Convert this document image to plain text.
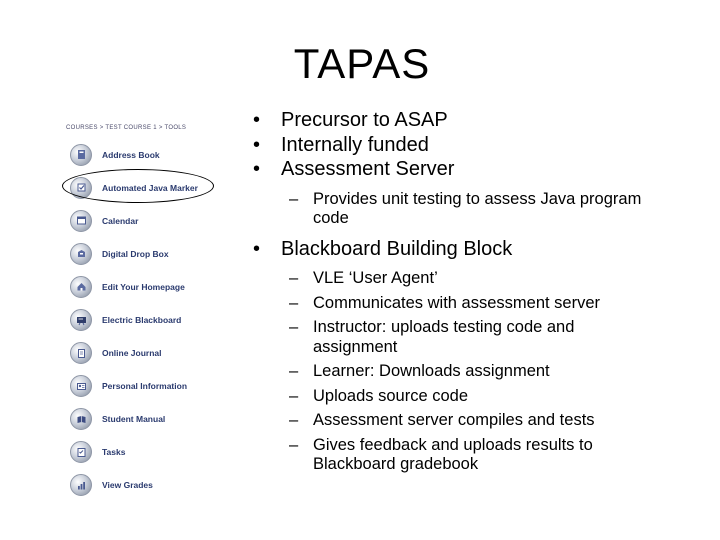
TAPAS
COURSES > TEST COURSE 1 > TOOLS
Address Book
Automated Java Marker
Calendar
Digital Drop Box
Edit Your Homepage
Electric Blackboard
Online Journal
Personal Information
Student Manual
Tasks
View Grades
•	Precursor to ASAP
•	Internally funded
•	Assessment Server
– Provides unit testing to assess Java program code
•	Blackboard Building Block
– VLE ‘User Agent’
– Communicates with assessment server
– Instructor: uploads testing code and assignment
– Learner: Downloads assignment
– Uploads source code
– Assessment server compiles and tests
– Gives feedback and uploads results to Blackboard gradebook
